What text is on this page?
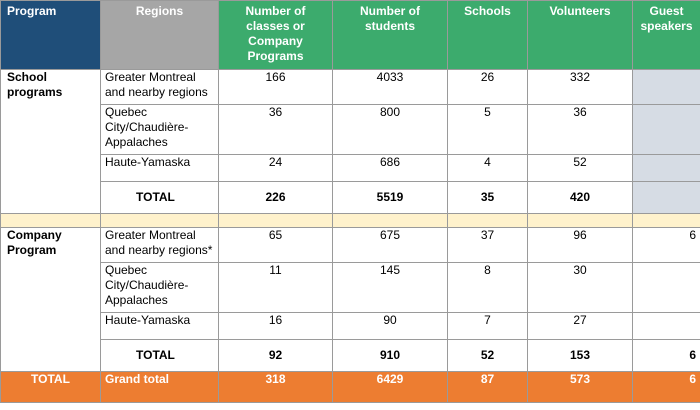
Program	Regions	Number of classes or Company Programs	Number of students	Schools	Volunteers	Guest speakers
School programs	Greater Montreal and nearby regions	166	4033	26	332	
	Quebec City/Chaudière-Appalaches	36	800	5	36	
	Haute-Yamaska	24	686	4	52	
	TOTAL	226	5519	35	420	

Company Program	Greater Montreal and nearby regions*	65	675	37	96	6
	Quebec City/Chaudière-Appalaches	11	145	8	30	
	Haute-Yamaska	16	90	7	27	
	TOTAL	92	910	52	153	6
TOTAL	Grand total	318	6429	87	573	6
